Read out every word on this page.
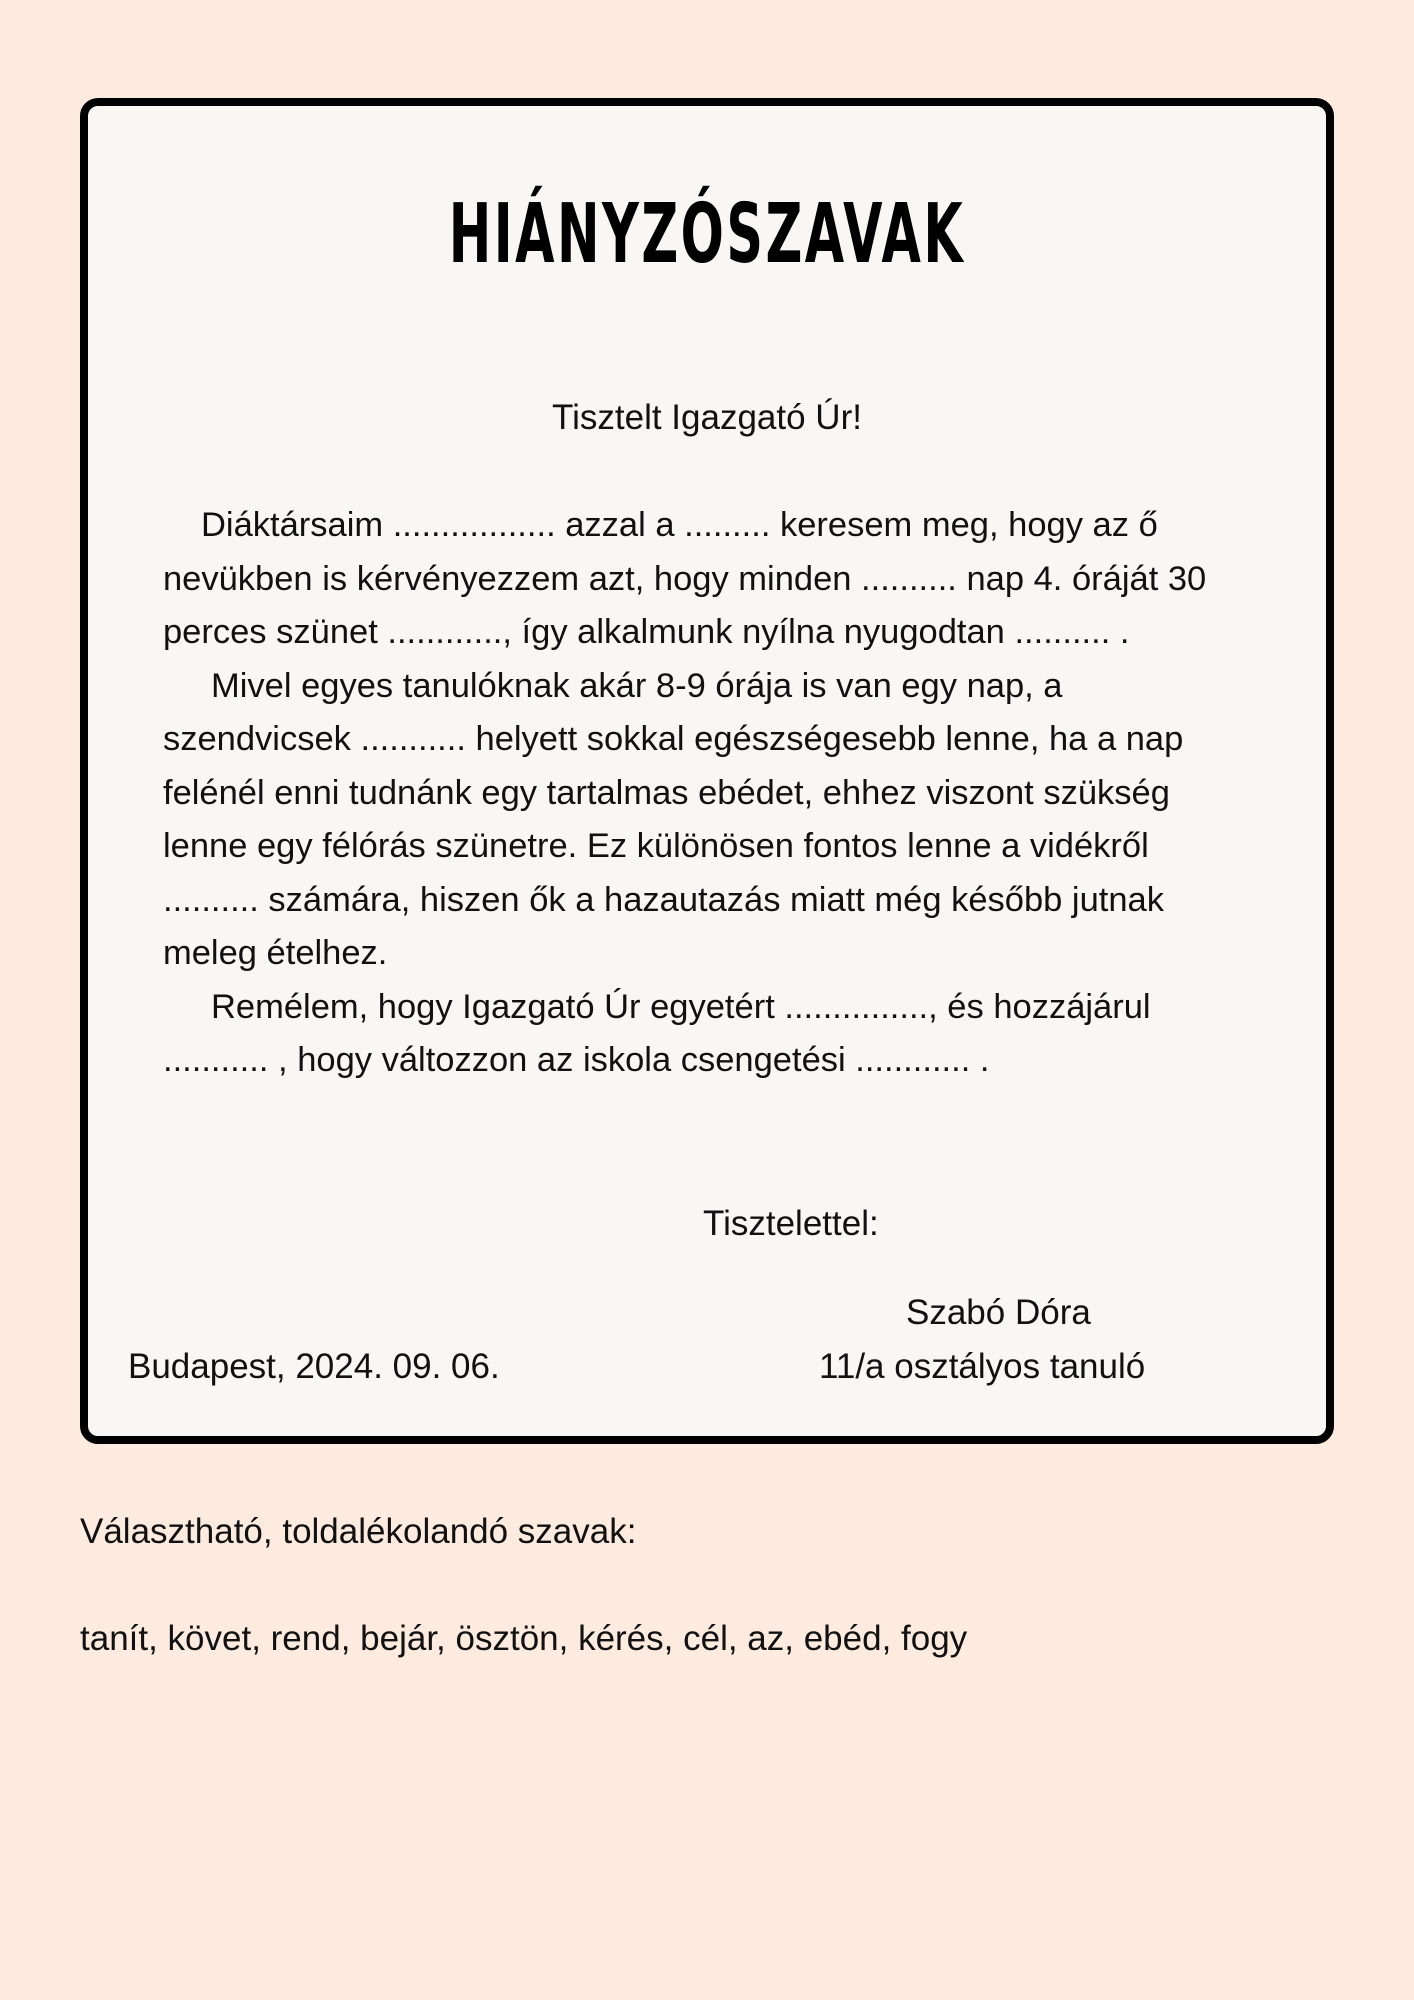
HIÁNYZÓSZAVAK
Tisztelt Igazgató Úr!

Diáktársaim ................. azzal a ......... keresem meg, hogy az ő

nevükben is kérvényezzem azt, hogy minden .......... nap 4. óráját 30

perces szünet ............, így alkalmunk nyílna nyugodtan .......... .

Mivel egyes tanulóknak akár 8-9 órája is van egy nap, a

szendvicsek ........... helyett sokkal egészségesebb lenne, ha a nap

felénél enni tudnánk egy tartalmas ebédet, ehhez viszont szükség

lenne egy félórás szünetre. Ez különösen fontos lenne a vidékről

.......... számára, hiszen ők a hazautazás miatt még később jutnak

meleg ételhez.

Remélem, hogy Igazgató Úr egyetért ..............., és hozzájárul

........... , hogy változzon az iskola csengetési ............ .

Tisztelettel:
Szabó Dóra
Budapest, 2024. 09. 06.	11/a osztályos tanuló
Választható, toldalékolandó szavak:
tanít, követ, rend, bejár, ösztön, kérés, cél, az, ebéd, fogy
